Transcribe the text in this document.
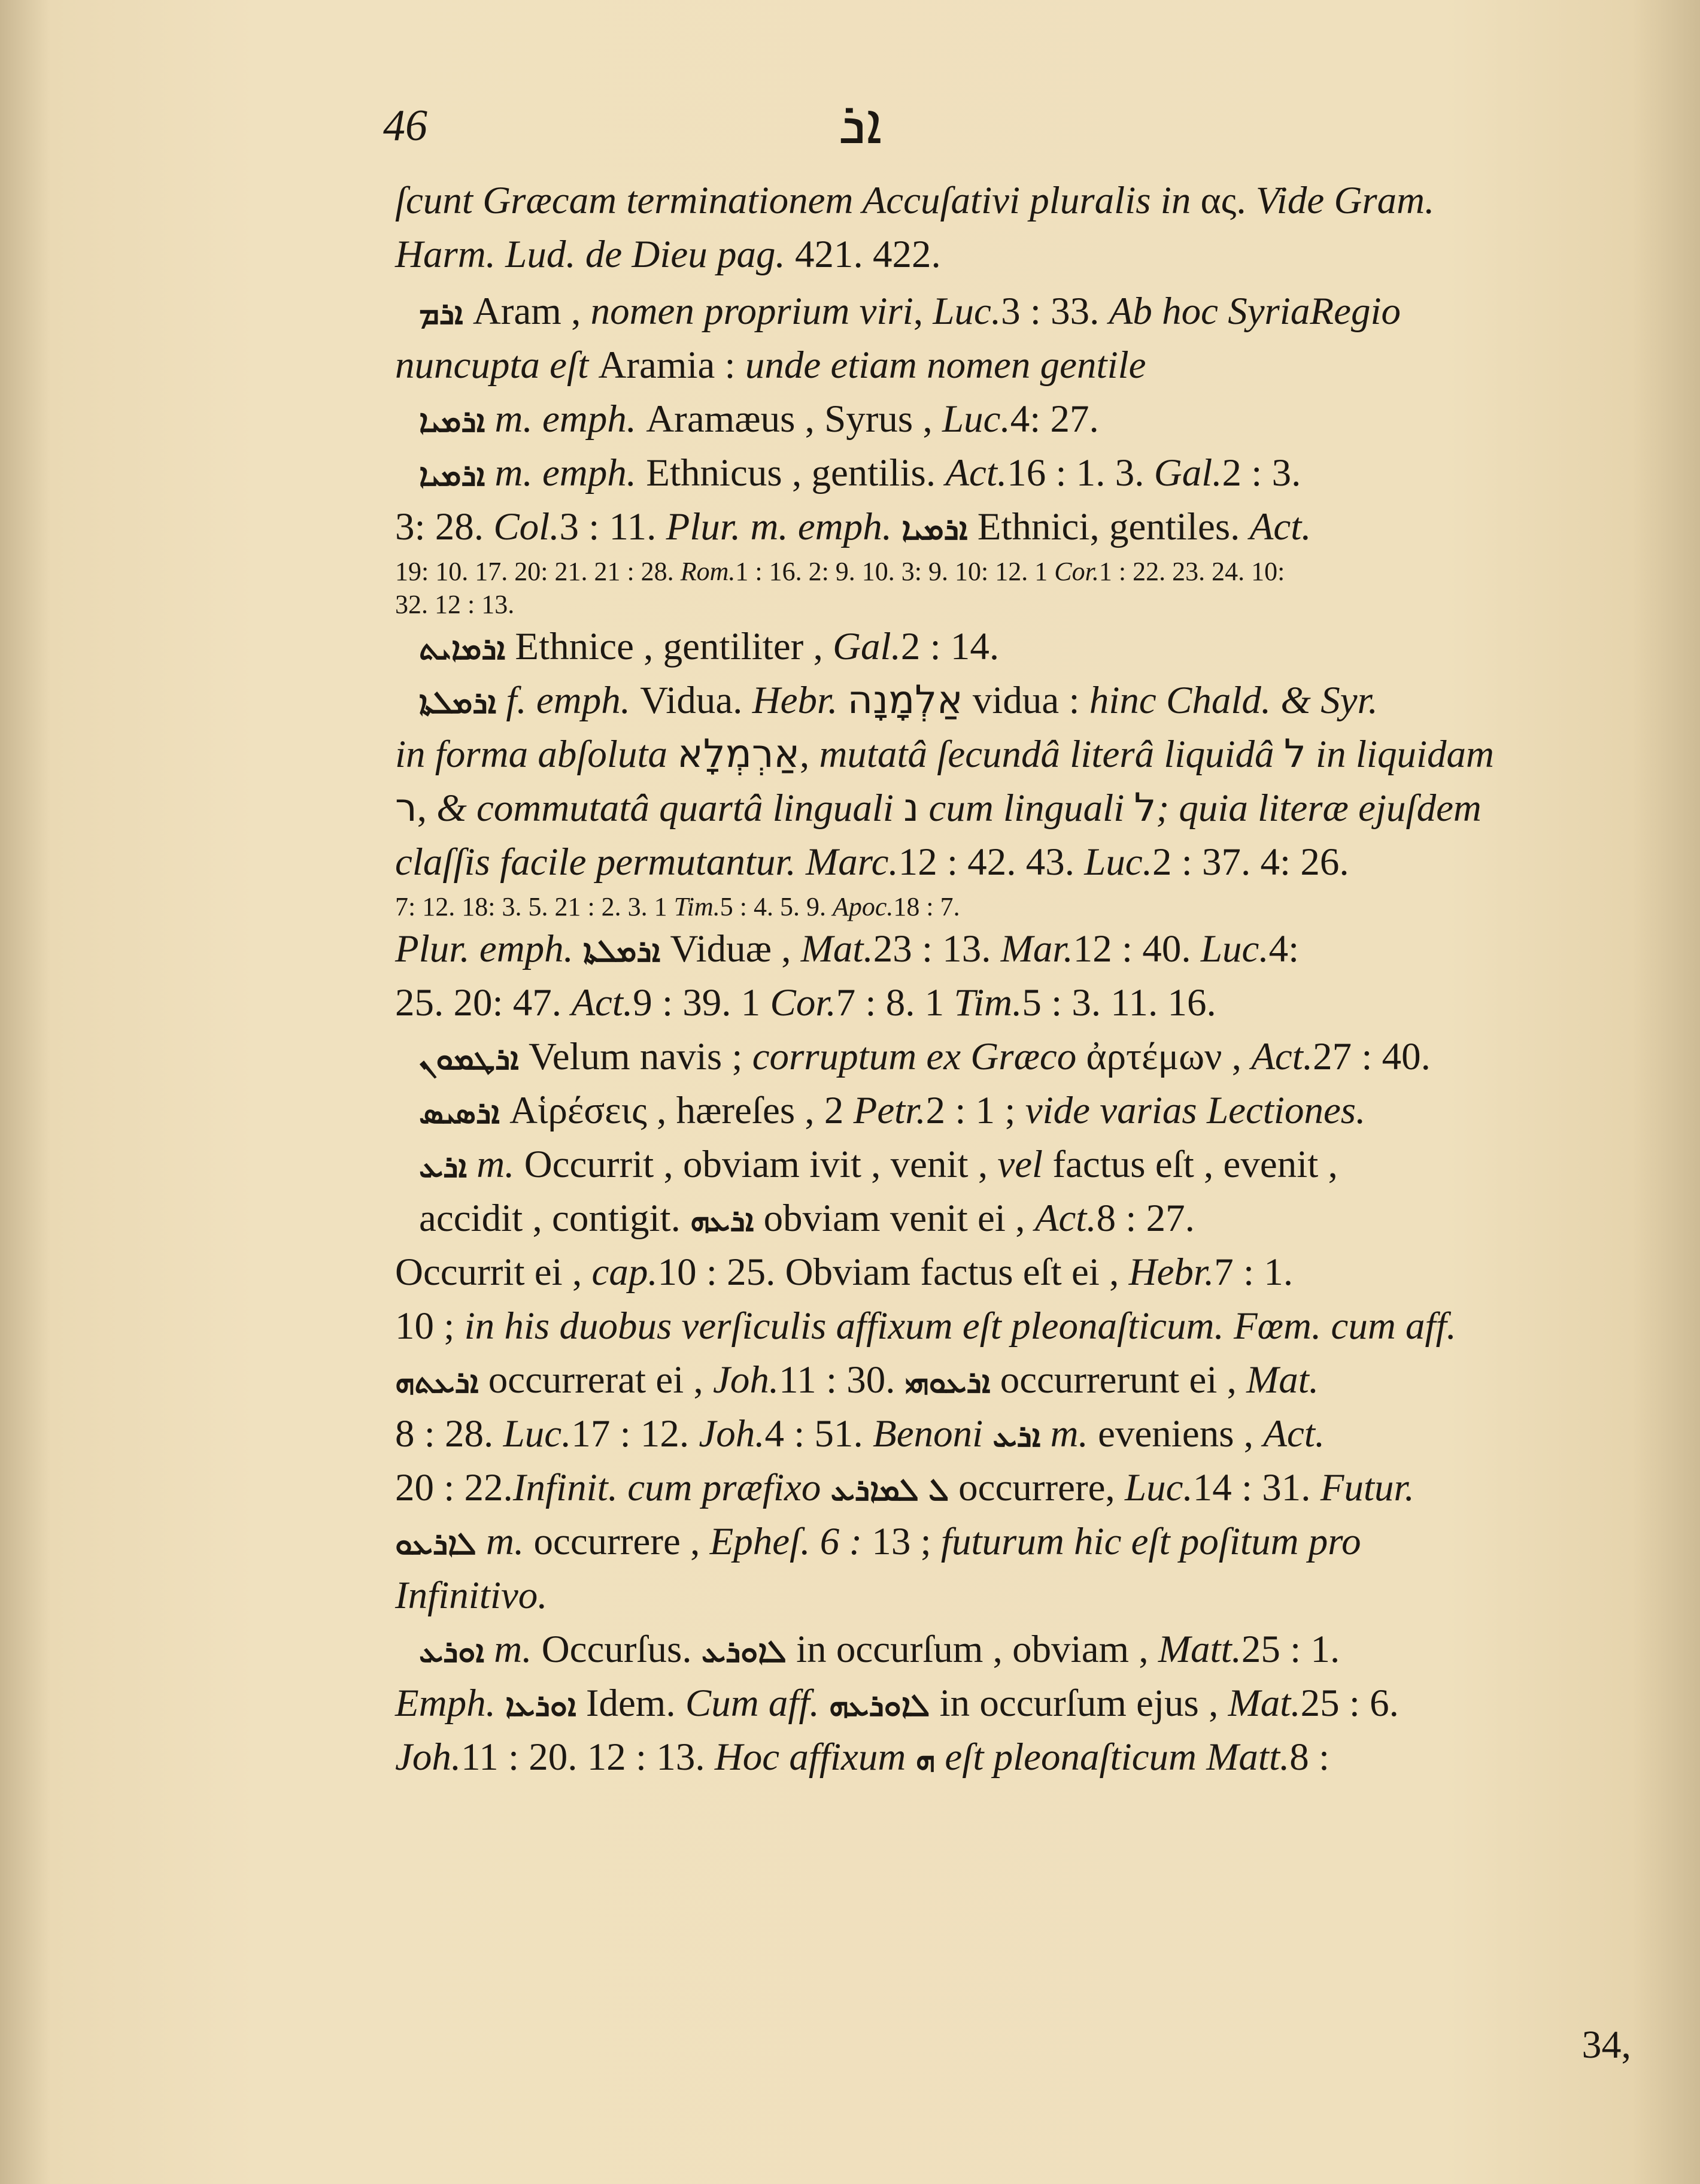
46	ܐܪ
ſcunt Græcam terminationem Accuſativi pluralis in ας. Vide Gram.
Harm. Lud. de Dieu pag. 421. 422.
ܐܪܡ Aram , nomen proprium viri, Luc.3 : 33. Ab hoc SyriaRegio
nuncupta eſt Aramia : unde etiam nomen gentile
ܐܪܡܝܐ m. emph. Aramæus , Syrus , Luc.4: 27.
ܐܪܡܝܐ m. emph. Ethnicus , gentilis. Act.16 : 1. 3. Gal.2 : 3.
3: 28. Col.3 : 11. Plur. m. emph. ܐܪܡܝܐ Ethnici, gentiles. Act.
19: 10. 17. 20: 21. 21 : 28. Rom.1 : 16. 2: 9. 10. 3: 9. 10: 12. 1 Cor.1 : 22. 23. 24. 10:
32. 12 : 13.
ܐܪܡܐܝܬ Ethnice , gentiliter , Gal.2 : 14.
ܐܪܡܠܬܐ f. emph. Vidua. Hebr. אַלְמָנָה vidua : hinc Chald. & Syr.
in forma abſoluta אַרְמְלָא, mutatâ ſecundâ literâ liquidâ ל in liquidam
ר, & commutatâ quartâ linguali נ cum linguali ל; quia literæ ejuſdem
claſſis facile permutantur. Marc.12 : 42. 43. Luc.2 : 37. 4: 26.
7: 12. 18: 3. 5. 21 : 2. 3. 1 Tim.5 : 4. 5. 9. Apoc.18 : 7.
Plur. emph. ܐܪܡܠܬܐ Viduæ , Mat.23 : 13. Mar.12 : 40. Luc.4:
25. 20: 47. Act.9 : 39. 1 Cor.7 : 8. 1 Tim.5 : 3. 11. 16.
ܐܪܛܡܘܢ Velum navis ; corruptum ex Græco ἀρτέμων , Act.27 : 40.
ܐܪܣܝܣ Αἱρέσεις , hæreſes , 2 Petr.2 : 1 ; vide varias Lectiones.
ܐܪܥ m. Occurrit , obviam ivit , venit , vel factus eſt , evenit ,
accidit , contigit. ܐܪܥܗ obviam venit ei , Act.8 : 27.
Occurrit ei , cap.10 : 25. Obviam factus eſt ei , Hebr.7 : 1.
10 ; in his duobus verſiculis affixum eſt pleonaſticum. Fœm. cum aff.
ܐܪܥܬܗ occurrerat ei , Joh.11 : 30. ܐܪܥܘܗܝ occurrerunt ei , Mat.
8 : 28. Luc.17 : 12. Joh.4 : 51. Benoni ܐܪܥ m. eveniens , Act.
20 : 22.Infinit. cum præfixo	ܠ ܠܡܐܪܥ occurrere, Luc.14 : 31. Futur.
ܠܐܪܥܘ m. occurrere , Epheſ. 6 : 13 ; futurum hic eſt poſitum pro
Infinitivo.
ܐܘܪܥ m. Occurſus. ܠܐܘܪܥ in occurſum , obviam , Matt.25 : 1.
Emph. ܐܘܪܥܐ Idem. Cum aff. ܠܐܘܪܥܗ in occurſum ejus , Mat.25 : 6.
Joh.11 : 20. 12 : 13. Hoc affixum ܗ eſt pleonaſticum Matt.8 :
34,
